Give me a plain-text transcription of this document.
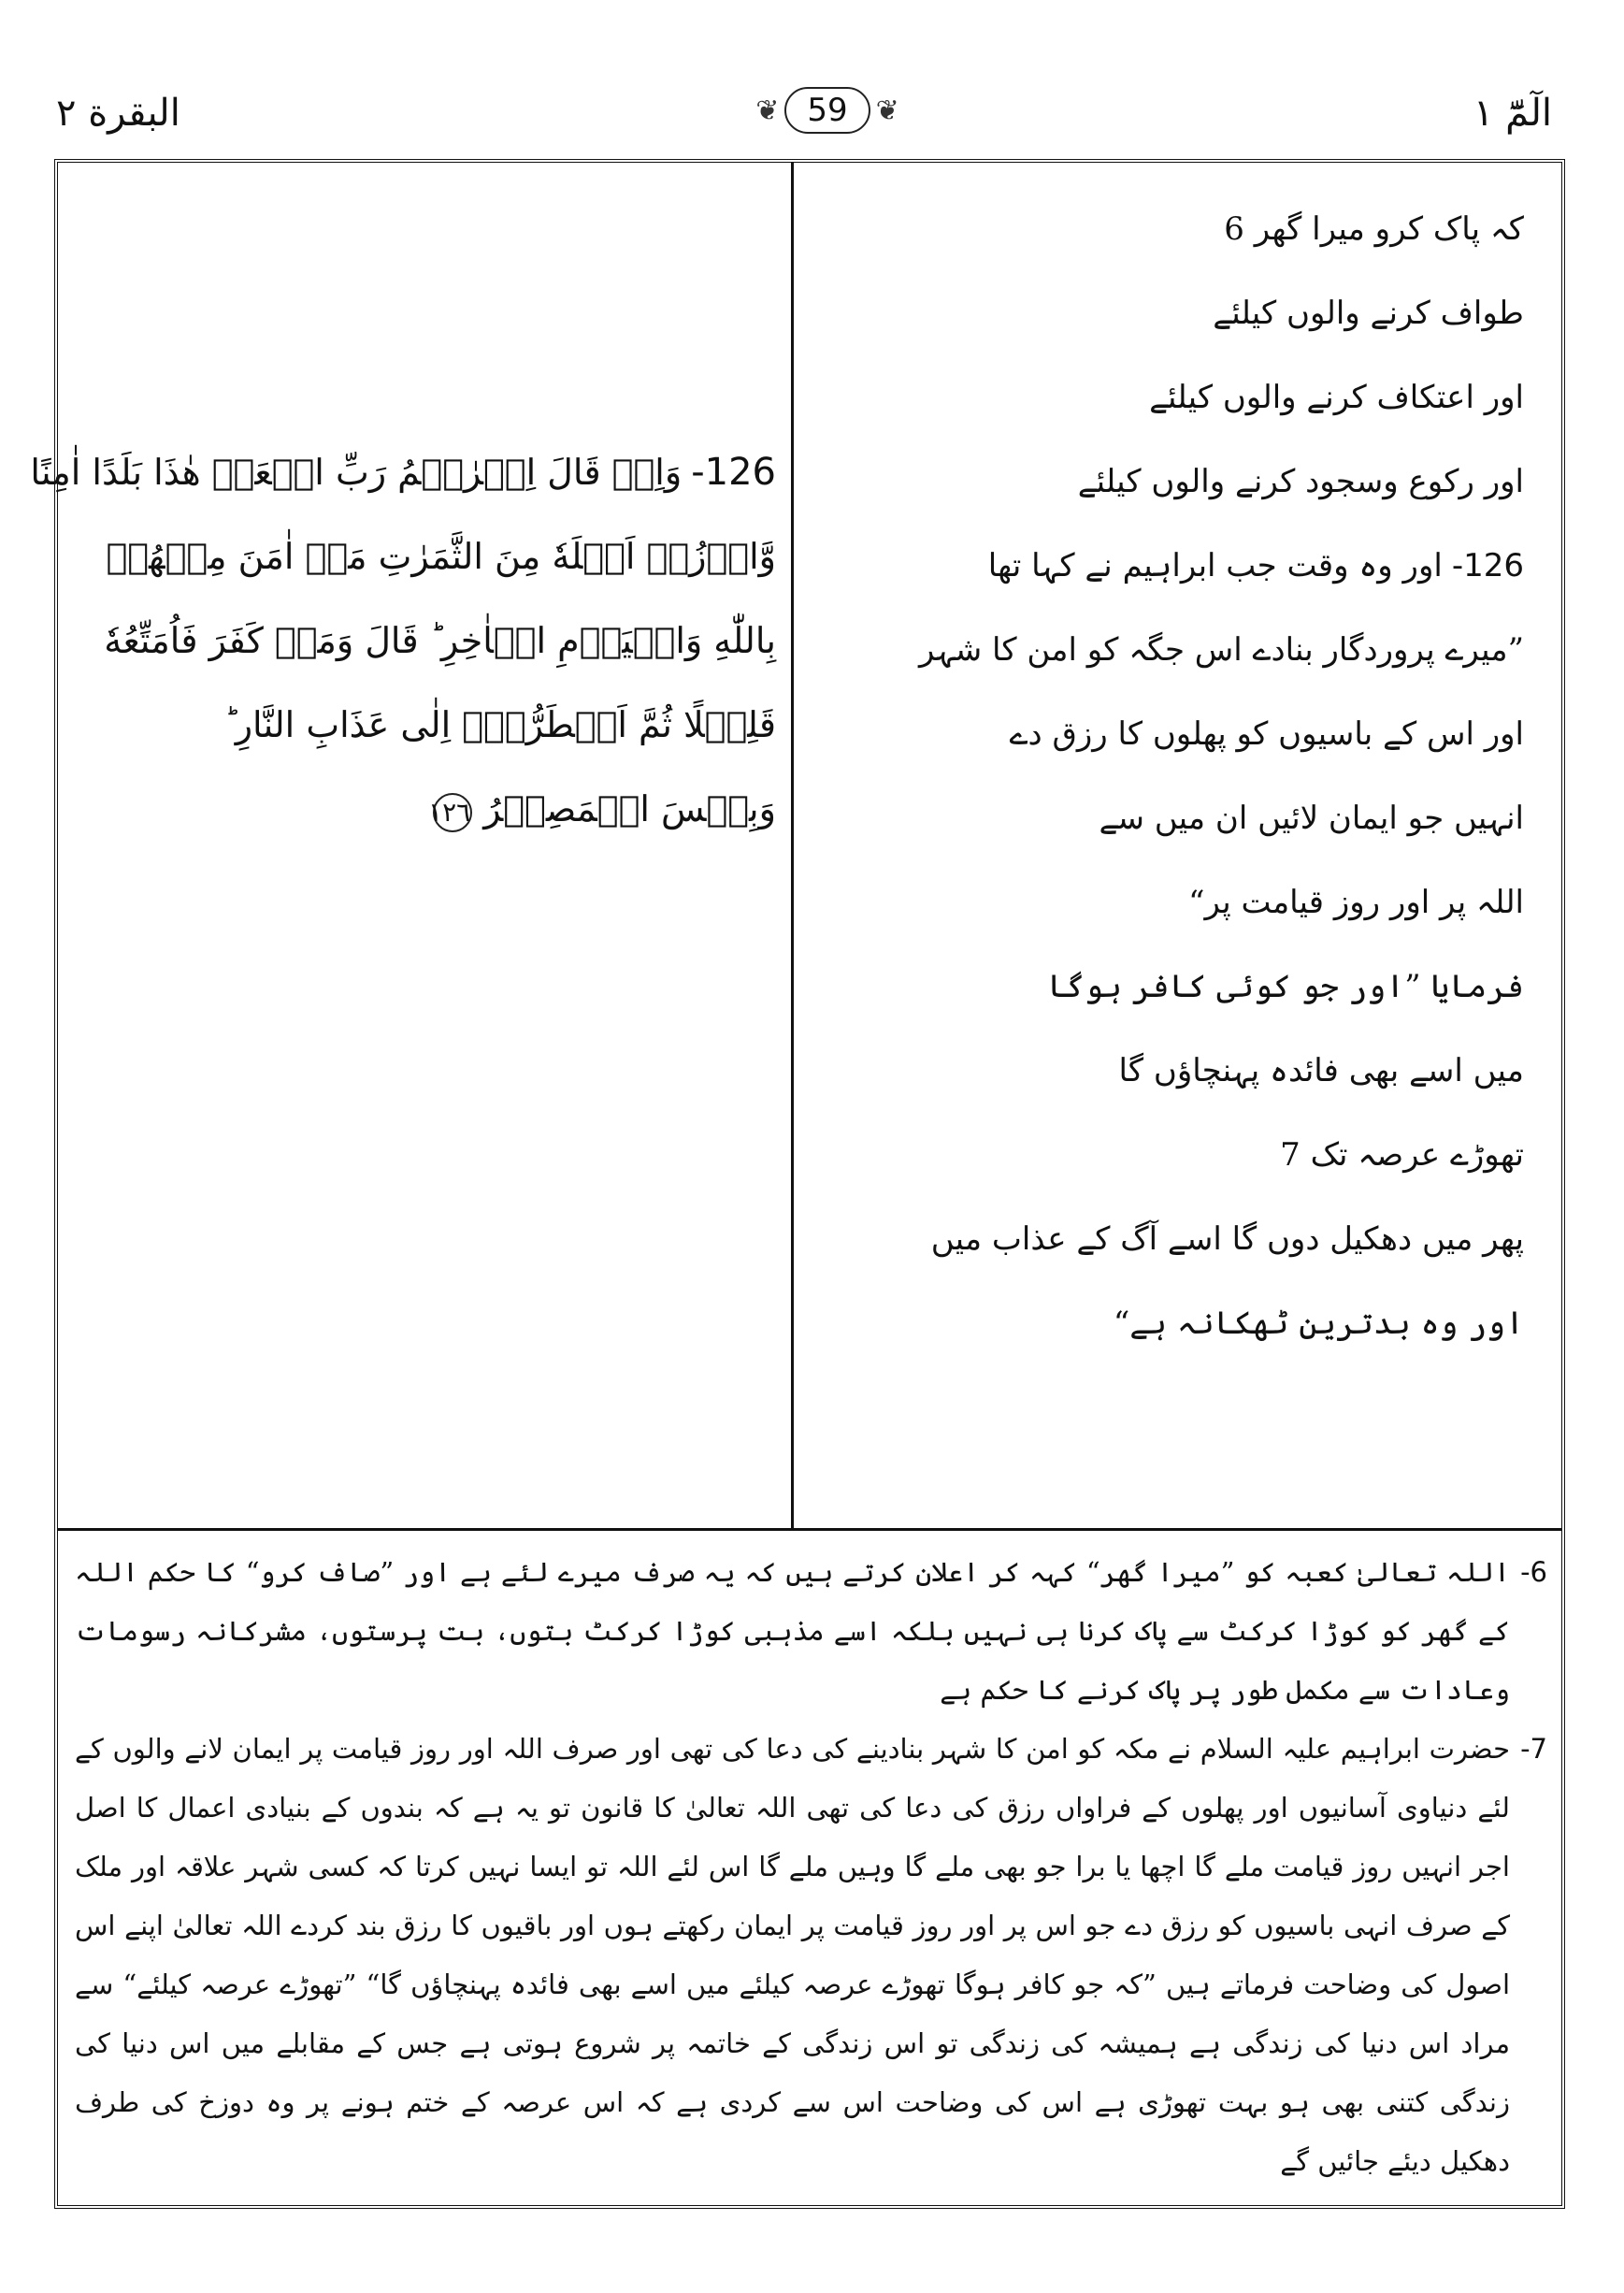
الٓمّٓ ١
❦ 59	❦
البقرة ٢
کہ پاک کرو میرا گھر 6
طواف کرنے والوں کیلئے
اور اعتکاف کرنے والوں کیلئے
اور رکوع وسجود کرنے والوں کیلئے
126-اور وہ وقت جب ابراہیم نے کہا تھا
”میرے پروردگار بنادے اس جگہ کو امن کا شہر
اور اس کے باسیوں کو پھلوں کا رزق دے
انہیں جو ایمان لائیں ان میں سے
اللہ پر اور روز قیامت پر“
فرمایا ”اور جو کوئی کافر ہوگا
میں اسے بھی فائدہ پہنچاؤں گا
تھوڑے عرصہ تک 7
پھر میں دھکیل دوں گا اسے آگ کے عذاب میں
اور وہ بدترین ٹھکانہ ہے“
126-وَاِذۡ قَالَ اِبۡرٰهٖمُ رَبِّ اجۡعَلۡ هٰذَا بَلَدًا اٰمِنًا
وَّارۡزُقۡ اَهۡلَهٗ مِنَ الثَّمَرٰتِ مَنۡ اٰمَنَ مِنۡهُمۡ
بِاللّٰهِ وَالۡيَوۡمِ الۡاٰخِرِ ؕ قَالَ وَمَنۡ كَفَرَ فَاُمَتِّعُهٗ
قَلِيۡلًا ثُمَّ اَضۡطَرُّهٗۤ اِلٰى عَذَابِ النَّارِ ؕ
وَبِئۡسَ الۡمَصِيۡرُ ١٢٦
6-
اللہ تعالیٰ کعبہ کو ”میرا گھر“ کہہ کر اعلان کرتے ہیں کہ یہ صرف میرے لئے ہے اور ”صاف کرو“ کا حکم اللہ کے گھر کو کوڑا کرکٹ سے پاک کرنا ہی نہیں بلکہ اسے مذہبی کوڑا کرکٹ بتوں، بت پرستوں، مشرکانہ رسومات وعادات سے مکمل طور پر پاک کرنے کا حکم ہے
7-
حضرت ابراہیم علیہ السلام نے مکہ کو امن کا شہر بنادینے کی دعا کی تھی اور صرف اللہ اور روز قیامت پر ایمان لانے والوں کے لئے دنیاوی آسانیوں اور پھلوں کے فراواں رزق کی دعا کی تھی اللہ تعالیٰ کا قانون تو یہ ہے کہ بندوں کے بنیادی اعمال کا اصل اجر انہیں روز قیامت ملے گا اچھا یا برا جو بھی ملے گا وہیں ملے گا اس لئے اللہ تو ایسا نہیں کرتا کہ کسی شہر علاقہ اور ملک کے صرف انہی باسیوں کو رزق دے جو اس پر اور روز قیامت پر ایمان رکھتے ہوں اور باقیوں کا رزق بند کردے اللہ تعالیٰ اپنے اس اصول کی وضاحت فرماتے ہیں ”کہ جو کافر ہوگا تھوڑے عرصہ کیلئے میں اسے بھی فائدہ پہنچاؤں گا“ ”تھوڑے عرصہ کیلئے“ سے مراد اس دنیا کی زندگی ہے ہمیشہ کی زندگی تو اس زندگی کے خاتمہ پر شروع ہوتی ہے جس کے مقابلے میں اس دنیا کی زندگی کتنی بھی ہو بہت تھوڑی ہے اس کی وضاحت اس سے کردی ہے کہ اس عرصہ کے ختم ہونے پر وہ دوزخ کی طرف دھکیل دیئے جائیں گے
